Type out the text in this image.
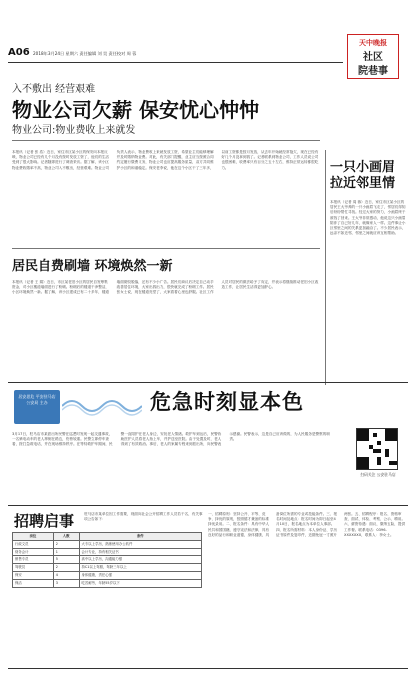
A06 2018年3月24日 星期六 责任编辑 刘 昊 责任校对 周 蓉
天中晚报
社区
院巷事
入不敷出 经营艰难
物业公司欠薪 保安忧心忡忡
物业公司:物业费收上来就发
本报讯（记者 张 浩）近日，家住市区某小区的保安向本报反映，物业公司已经有几个月没有按时发放工资了，他们的生活受到了很大影响。记者随即进行了调查采访。据了解，该小区物业费收缴率不高，物业公司入不敷出，经营艰难。物业公司负责人表示，物业费收上来就发放工资，希望业主们能够理解并及时缴纳物业费。对此，有关部门提醒，业主应当按照合同约定履行缴费义务，物业公司也应提高服务质量，双方共同维护小区的和谐稳定。保安老李说，他在这个小区干了三年多，以前工资都是按月发放，从去年开始就经常拖欠，现在已经有好几个月没拿到钱了。记者联系到物业公司，工作人员说公司也很困难，收费率只有百分之五十左右，维持正常运转都很吃力。	一只小画眉 拉近邻里情
本报讯（记者 周 蓉）近日，家住市区某小区的居民王大爷养的一只小画眉飞走了，邻居们得知后纷纷帮忙寻找。经过大家的努力，小画眉终于被找了回来。王大爷非常感动，他说这只小画眉陪伴了自己好几年，就像家人一样。这件事让小区邻里之间的关系更加融洽了。不少居民表示，远亲不如近邻，邻里之间就应该互相帮助。
居民自费刷墙 环境焕然一新
本报讯（记者 王 娟）近日，市区某老旧小区的居民自发筹集资金，对小区楼道墙面进行了粉刷。粉刷后的楼道干净整洁，小区环境焕然一新。据了解，该小区建成已有二十多年，楼道墙面斑驳脱落，还有不少小广告。居民们商议后决定自己动手改善居住环境，大家出钱出力，很快就完成了粉刷工作。居民张女士说，现在楼道亮堂了，大家看着心里也舒服。社区工作人员对居民的做法给予了肯定，并表示将继续推动老旧小区改造工作，让居民生活得更加舒心。
居安思危 平安驻马店 公安局 主办	危急时刻显本色
3月17日，驻马店市某派出所民警在巡逻时发现一起交通事故，一名骑电动车的老人摔倒在路边，伤势较重。民警立即停车查看，拨打急救电话，并在现场维持秩序。在等待救护车期间，民警一直陪护在老人身边，安抚老人情绪。救护车到达后，民警协助医护人员将老人抬上车，并护送至医院。由于处置及时，老人得到了有效救治。事后，老人的家属专程来到派出所，向民警表示感谢。民警表示，这是自己应该做的，为人民服务是警察的职责。
扫码关注 公安驻马店
招聘启事	驻马店市某单位因工作需要，现面向社会公开招聘工作人员若干名，有关事项公告如下：
岗位	人数	条件
行政文员	2	大专以上学历，熟练使用办公软件
财务会计	1	会计专业，持有相关证书
销售专员	5	高中以上学历，沟通能力强
驾驶员	2	持C1以上驾照，驾龄三年以上
保安	4	身体健康，责任心强
保洁	3	吃苦耐劳，年龄55岁以下
一、招聘原则：坚持公开、平等、竞争、择优的原则，按照德才兼备的标准择优录用。二、报名条件：具有中华人民共和国国籍，遵守宪法和法律，具有良好的品行和职业道德，身体健康，具备岗位所需的专业或技能条件。三、报名时间及地点：报名时间为即日起至4月10日，报名地点为本单位人事部。四、报名所需材料：本人身份证、学历证书原件及复印件，近期免冠一寸照片两张。五、招聘程序：报名、资格审查、面试、体检、考察、公示、聘用。六、薪资待遇：面议，缴纳五险，提供工作餐。联系电话：0396-XXXXXXX，联系人：李女士。
